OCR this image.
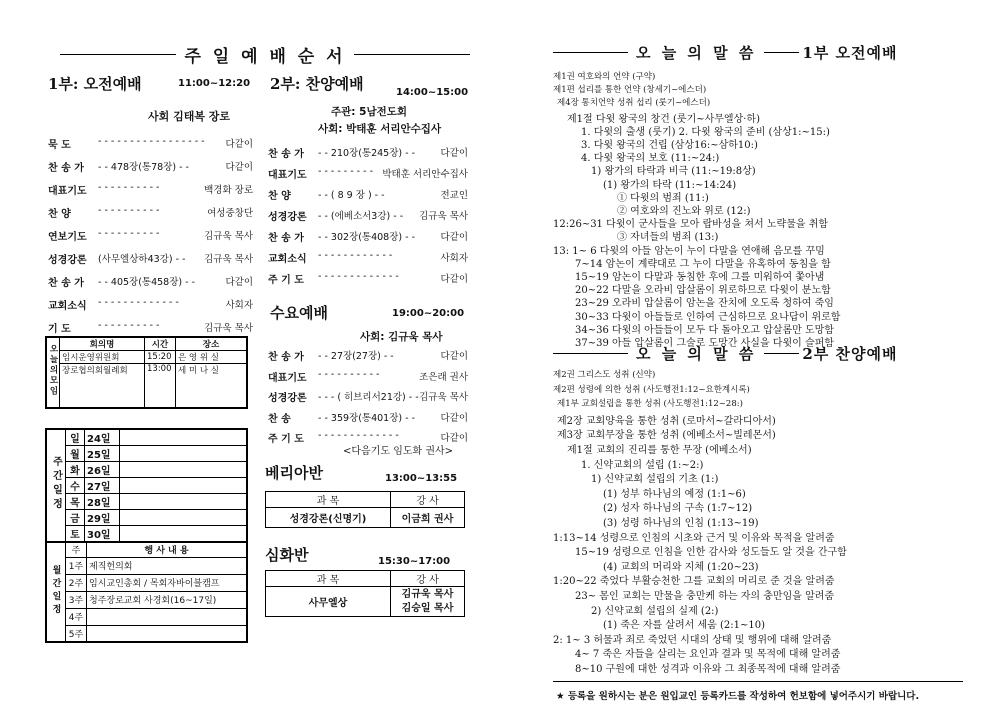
주 일 예 배 순 서
1부: 오전예배	11:00~12:20
사회 김태복 장로
묵 도	- - - - - - - - - - - - - - - - -	다같이
찬 송 가	- - 478장(통78장) - -	다같이
대표기도	- - - - - - - - - -	백경화 장로
찬 양	- - - - - - - - - -	여성중창단
연보기도	- - - - - - - - - -	김규욱 목사
성경강론	(사무엘상하43강) - -	김규욱 목사
찬 송 가	- - 405장(통458장) - -	다같이
교회소식	- - - - - - - - - - - - -	사회자
기 도	- - - - - - - - - -	김규욱 목사
2부: 찬양예배	14:00~15:00
주관: 5남전도회
사회: 박태훈 서리안수집사
찬 송 가	- - 210장(통245장) - -	다같이
대표기도	- - - - - - - - - 박태훈 서리안수집사
찬 양	- - ( 8 9 장 ) - -	전교인
성경강론	- - (에베소서3강) - -	김규욱 목사
찬 송 가	- - 302장(통408장) - -	다같이
교회소식	- - - - - - - - - - - -	사회자
주 기 도	- - - - - - - - - - - - -	다같이
수요예배	19:00~20:00
사회: 김규욱 목사
찬 송 가	- - 27장(27장) - -	다같이
대표기도	- - - - - - - - - -	조은래 권사
성경강론	- - - ( 히브리서21강) - - 김규욱 목사
찬 송	- - 359장(통401장) - -	다같이
주 기 도	- - - - - - - - - - - - -	다같이
<다음기도 임도화 권사>
베리아반	13:00~13:55
과 목	강 사
성경강론(신명기)	이금희 권사
심화반	15:30~17:00
과 목	강 사
사무엘상	김규욱 목사
김승일 목사
오늘의모임	회의명	시간	장소
	임시운영위원회	15:20	은 영 위 실
	장로협의회월례회	13:00	세 미 나 실
주간일정	일	24일	
	월	25일	
	화	26일	
	수	27일	
	목	28일	
	금	29일	
	토	30일	
월간일정	주	행 사 내 용
	1주	제직헌의회
	2주	임시교인총회 / 목회자바이블캠프
	3주	청주장로교회 사경회(16~17일)
	4주	
	5주	
오 늘 의 말 씀	1부 오전예배
제1권 여호와의 언약 (구약)
제1편 섭리를 통한 언약 (창세기~에스더)
제4장 통치언약 성취 섭리 (룻기~에스더)
제1절 다윗 왕국의 창건 (룻기~사무엘상·하)
1. 다윗의 출생 (룻기) 2. 다윗 왕국의 준비 (삼상1:~15:)
3. 다윗 왕국의 건립 (삼상16:~삼하10:)
4. 다윗 왕국의 보호 (11:~24:)
1) 왕가의 타락과 비극 (11:~19:8상)
(1) 왕가의 타락 (11:~14:24)
① 다윗의 범죄 (11:)
② 여호와의 진노와 위로 (12:)
12:26~31 다윗이 군사들을 모아 랍바성을 쳐서 노략물을 취함
③ 자녀들의 범죄 (13:)
13: 1~ 6 다윗의 아들 암논이 누이 다말을 연애해 음모를 꾸밈
7~14 암논이 계략대로 그 누이 다말을 유혹하여 동침을 함
15~19 암논이 다말과 동침한 후에 그를 미워하여 쫓아냄
20~22 다말을 오라비 압살롬이 위로하므로 다윗이 분노함
23~29 오라비 압살롬이 암논을 잔치에 오도록 청하여 죽임
30~33 다윗이 아들들로 인하여 근심하므로 요나답이 위로함
34~36 다윗의 아들들이 모두 다 돌아오고 압살롬만 도망함
37~39 아들 압살롬이 그술로 도망간 사실을 다윗이 슬퍼함
오 늘 의 말 씀	2부 찬양예배
제2권 그리스도 성취 (신약)
제2편 성령에 의한 성취 (사도행전1:12~요한계시록)
제1부 교회설립을 통한 성취 (사도행전1:12~28:)
제2장 교회양육을 통한 성취 (로마서~갈라디아서)
제3장 교회무장을 통한 성취 (에베소서~빌레몬서)
제1절 교회의 진리를 통한 무장 (에베소서)
1. 신약교회의 설립 (1:~2:)
1) 신약교회 설립의 기초 (1:)
(1) 성부 하나님의 예정 (1:1~6)
(2) 성자 하나님의 구속 (1:7~12)
(3) 성령 하나님의 인침 (1:13~19)
1:13~14 성령으로 인침의 시초와 근거 및 이유와 목적을 알려줌
15~19 성령으로 인침을 인한 감사와 성도들도 알 것을 간구함
(4) 교회의 머리와 지체 (1:20~23)
1:20~22 죽었다 부활승천한 그를 교회의 머리로 준 것을 알려줌
23~ 몸인 교회는 만물을 충만케 하는 자의 충만임을 알려줌
2) 신약교회 설립의 실제 (2:)
(1) 죽은 자를 살려서 세움 (2:1~10)
2: 1~ 3 허물과 죄로 죽었던 시대의 상태 및 행위에 대해 알려줌
4~ 7 죽은 자들을 살리는 요인과 결과 및 목적에 대해 알려줌
8~10 구원에 대한 성격과 이유와 그 최종목적에 대해 알려줌
★ 등록을 원하시는 분은 원입교인 등록카드를 작성하여 헌보함에 넣어주시기 바랍니다.
